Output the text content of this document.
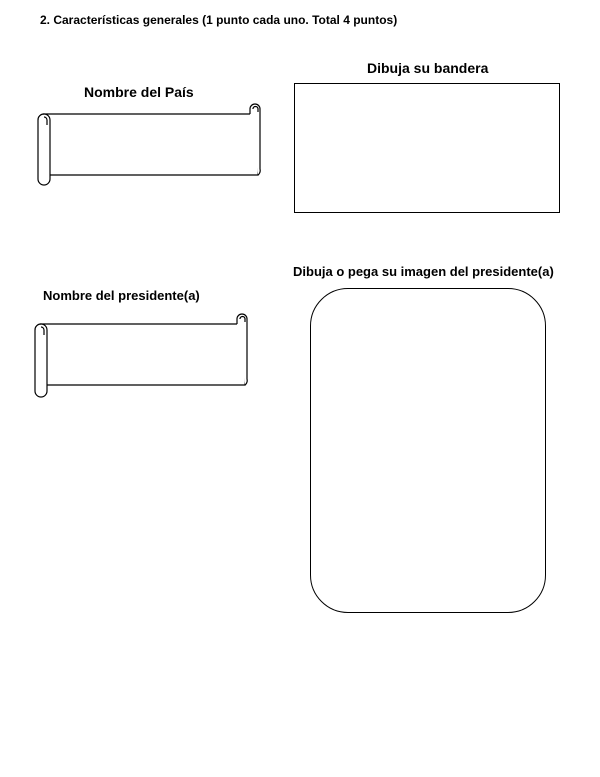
2. Características generales (1 punto cada uno. Total 4 puntos)
Nombre del País
Dibuja su bandera
Nombre del presidente(a)
Dibuja o pega su imagen del presidente(a)
